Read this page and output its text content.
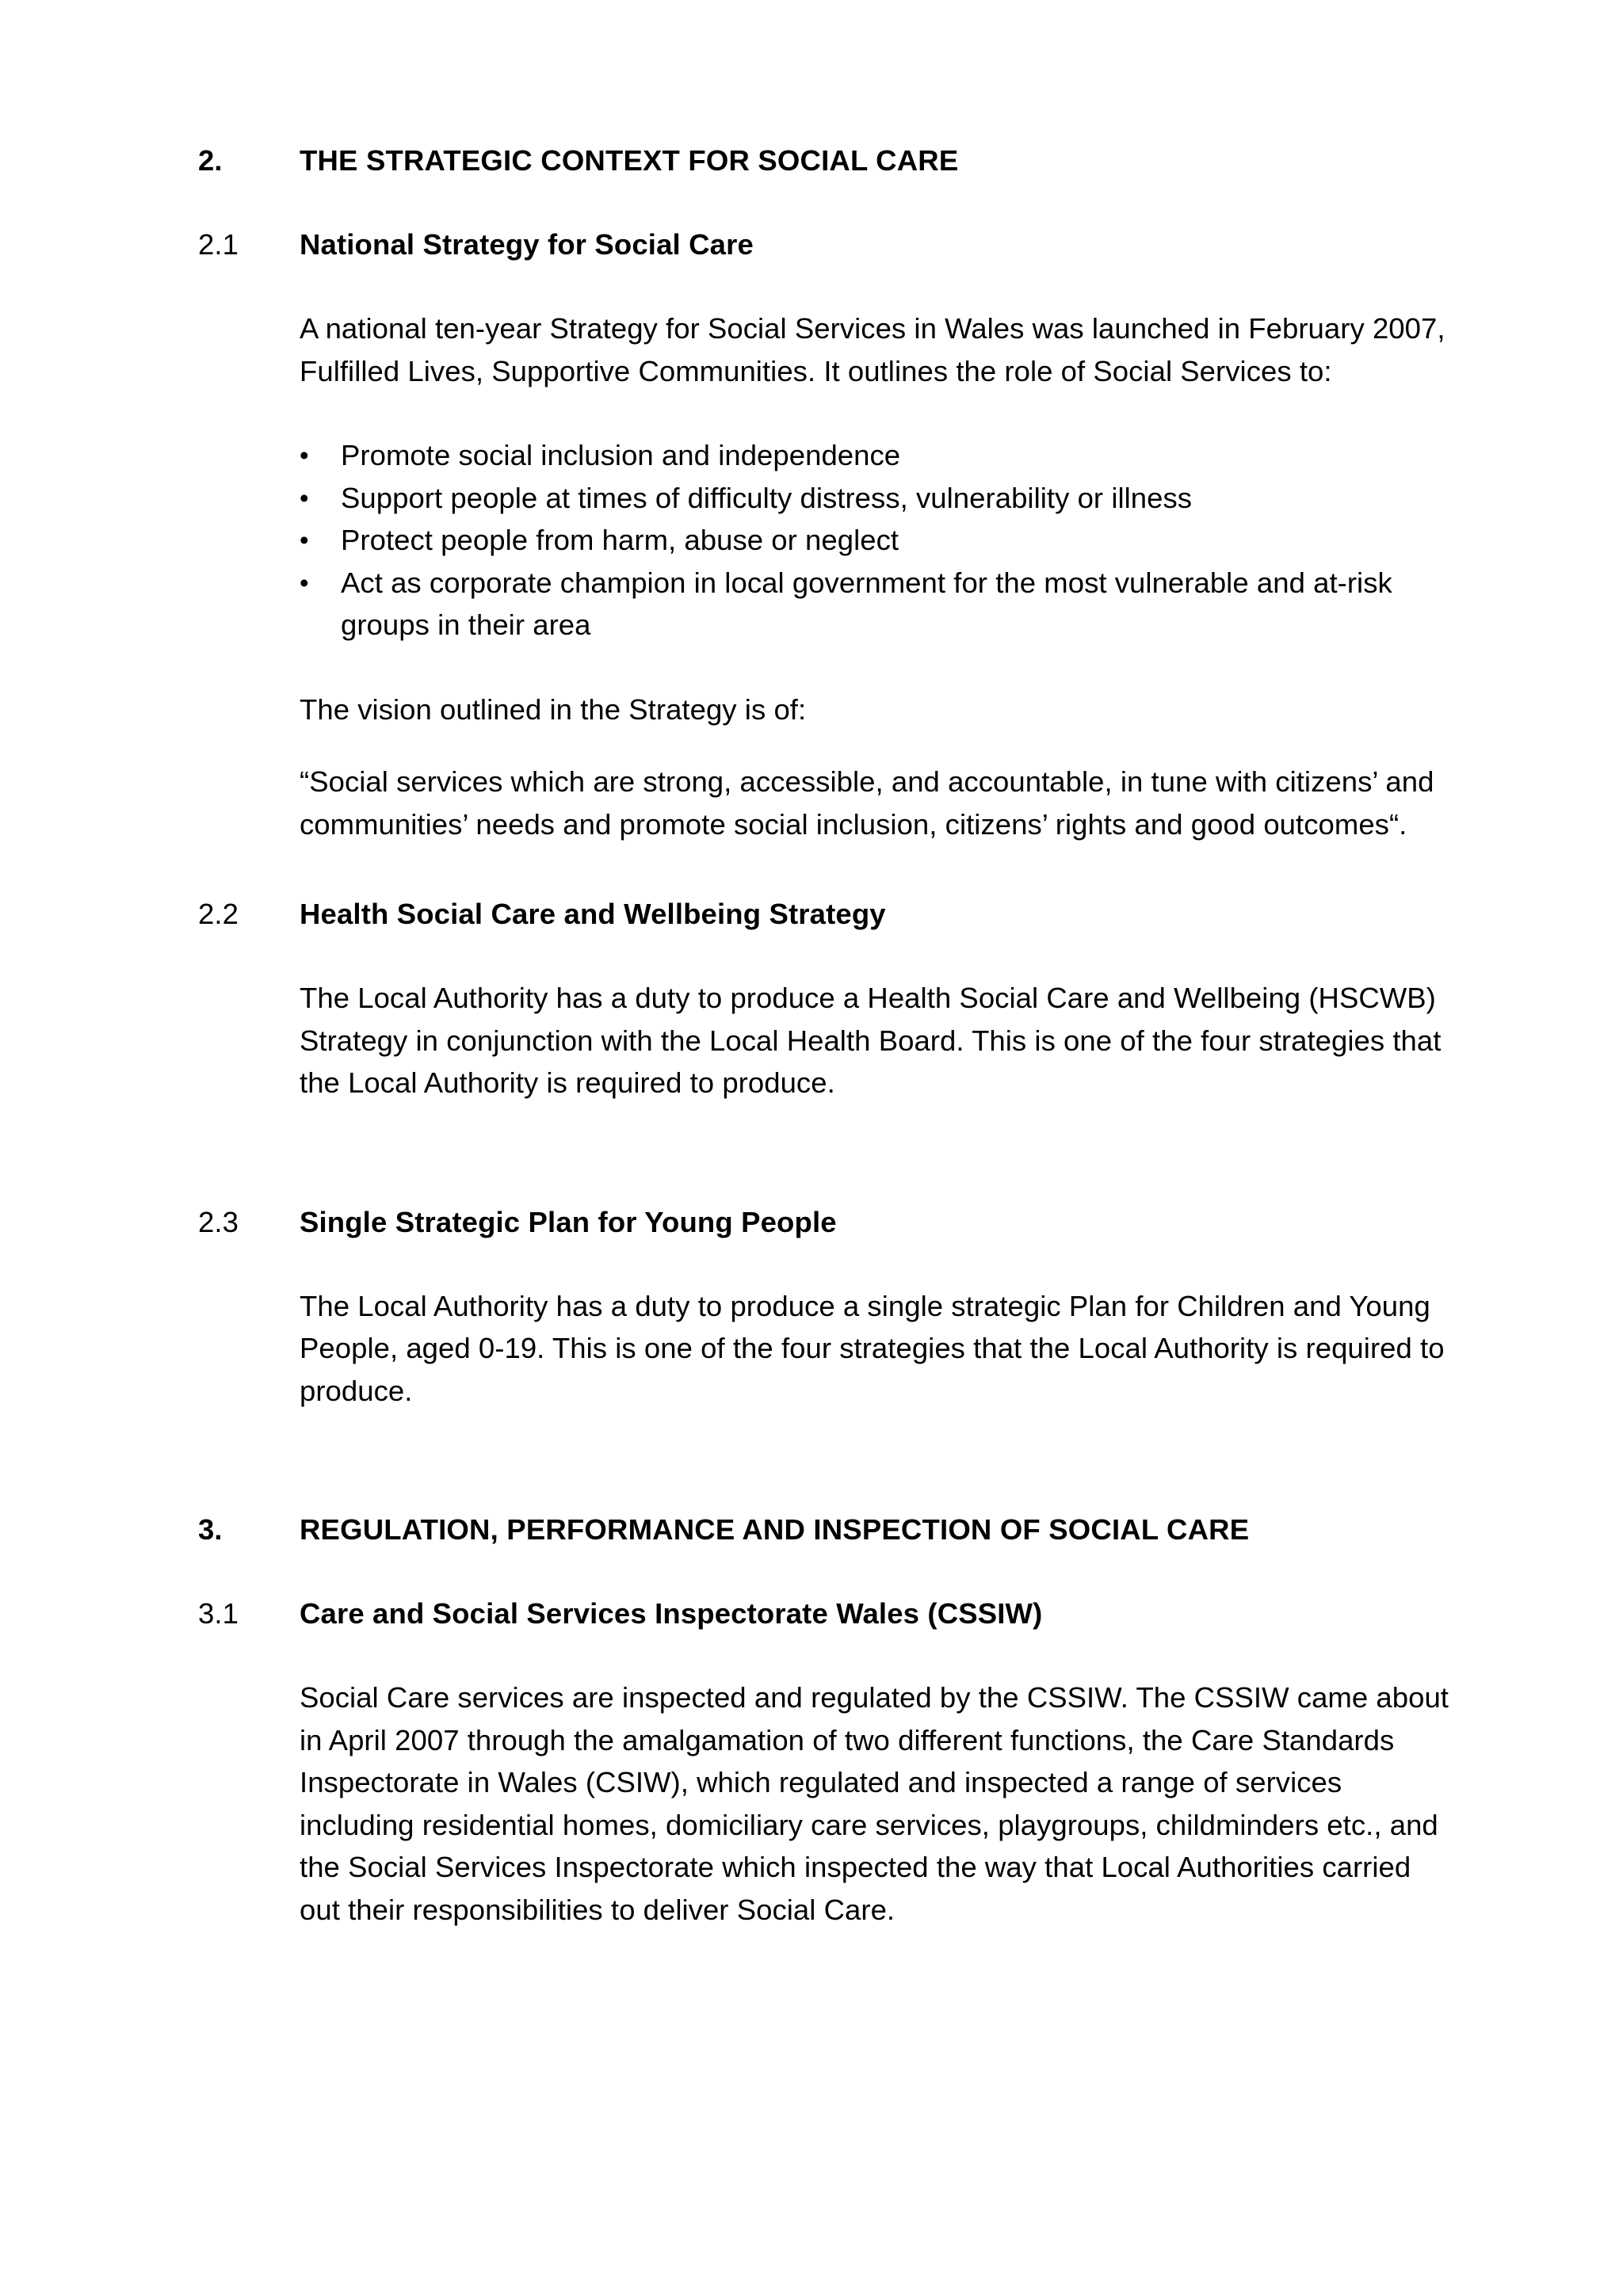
2.	THE STRATEGIC CONTEXT FOR SOCIAL CARE
2.1	National Strategy for Social Care

A national ten-year Strategy for Social Services in Wales was launched in February 2007, Fulfilled Lives, Supportive Communities. It outlines the role of Social Services to:

•	Promote social inclusion and independence
•	Support people at times of difficulty distress, vulnerability or illness
•	Protect people from harm, abuse or neglect
•	Act as corporate champion in local government for the most vulnerable and at-risk groups in their area

The vision outlined in the Strategy is of:

“Social services which are strong, accessible, and accountable, in tune with citizens’ and communities’ needs and promote social inclusion, citizens’ rights and good outcomes“.

2.2	Health Social Care and Wellbeing Strategy

The Local Authority has a duty to produce a Health Social Care and Wellbeing (HSCWB) Strategy in conjunction with the Local Health Board. This is one of the four strategies that the Local Authority is required to produce.

2.3	Single Strategic Plan for Young People

The Local Authority has a duty to produce a single strategic Plan for Children and Young People, aged 0-19. This is one of the four strategies that the Local Authority is required to produce.

3.	REGULATION, PERFORMANCE AND INSPECTION OF SOCIAL CARE
3.1	Care and Social Services Inspectorate Wales (CSSIW)

Social Care services are inspected and regulated by the CSSIW. The CSSIW came about in April 2007 through the amalgamation of two different functions, the Care Standards Inspectorate in Wales (CSIW), which regulated and inspected a range of services including residential homes, domiciliary care services, playgroups, childminders etc., and the Social Services Inspectorate which inspected the way that Local Authorities carried out their responsibilities to deliver Social Care.
